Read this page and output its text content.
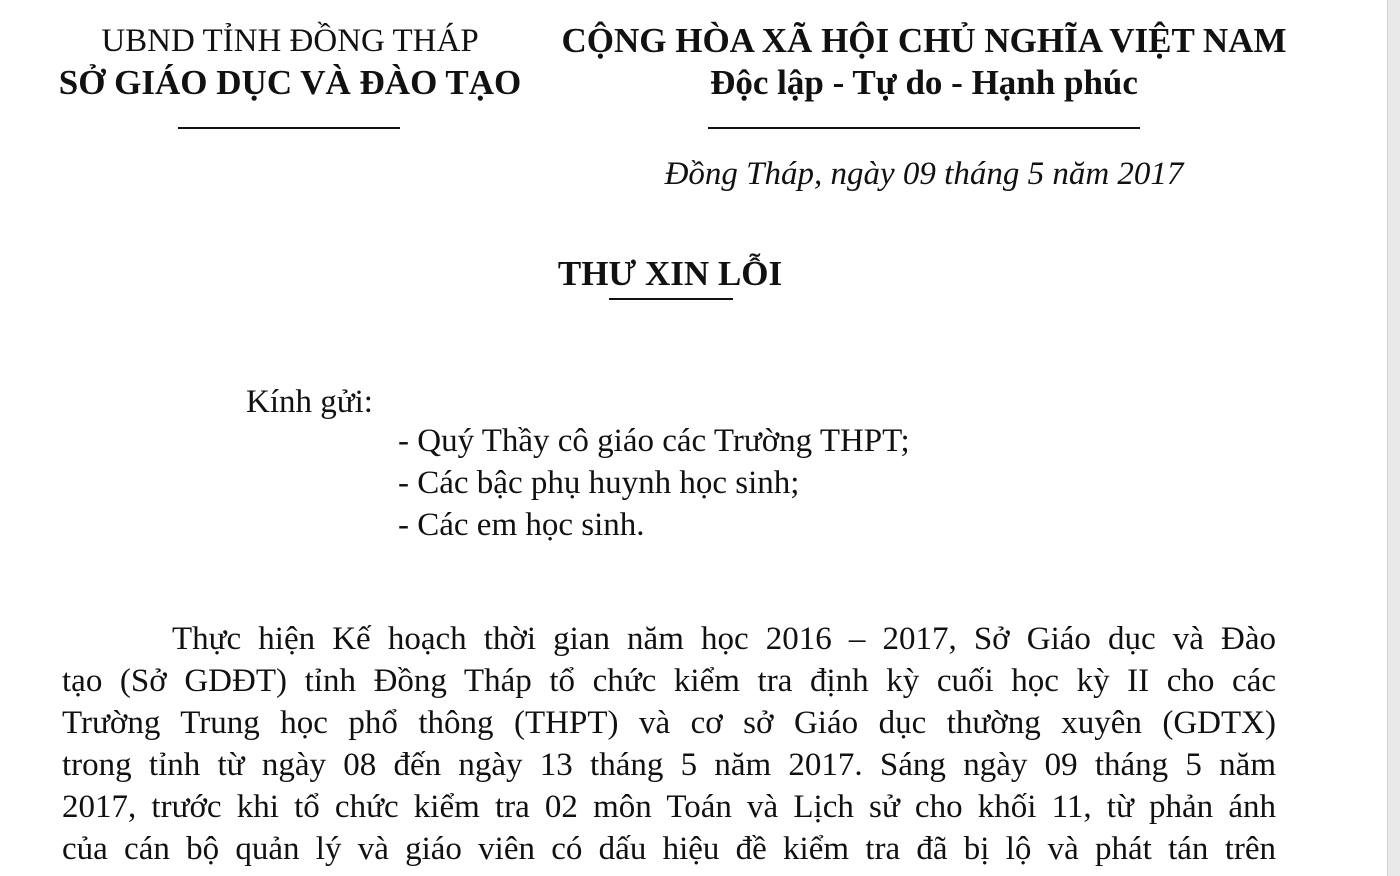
UBND TỈNH ĐỒNG THÁP
SỞ GIÁO DỤC VÀ ĐÀO TẠO
CỘNG HÒA XÃ HỘI CHỦ NGHĨA VIỆT NAM
Độc lập - Tự do - Hạnh phúc
Đồng Tháp, ngày 09 tháng 5 năm 2017
THƯ XIN LỖI
Kính gửi:
- Quý Thầy cô giáo các Trường THPT;
- Các bậc phụ huynh học sinh;
- Các em học sinh.
Thực hiện Kế hoạch thời gian năm học 2016 – 2017, Sở Giáo dục và Đào
tạo (Sở GDĐT) tỉnh Đồng Tháp tổ chức kiểm tra định kỳ cuối học kỳ II cho các
Trường Trung học phổ thông (THPT) và cơ sở Giáo dục thường xuyên (GDTX)
trong tỉnh từ ngày 08 đến ngày 13 tháng 5 năm 2017. Sáng ngày 09 tháng 5 năm
2017, trước khi tổ chức kiểm tra 02 môn Toán và Lịch sử cho khối 11, từ phản ánh
của cán bộ quản lý và giáo viên có dấu hiệu đề kiểm tra đã bị lộ và phát tán trên
